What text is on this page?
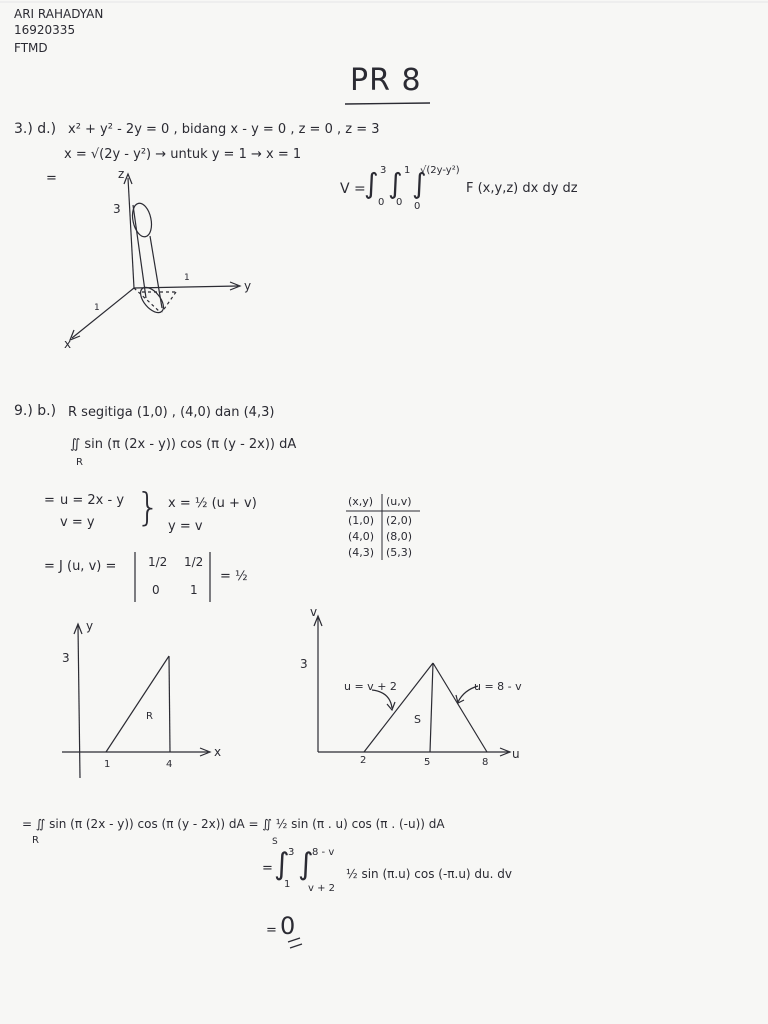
ARI RAHADYAN
16920335
FTMD
PR 8
3.) d.) x² + y² - 2y = 0 , bidang x - y = 0 , z = 0 , z = 3
x = √(2y - y²) → untuk y = 1 → x = 1
=
V =
∫ 3
0
∫ 1
0
∫
√(2y-y²)
0
F (x,y,z) dx dy dz
z
y
x
3
1
1
9.) b.) R segitiga (1,0) , (4,0) dan (4,3)
∬ sin (π (2x - y)) cos (π (y - 2x)) dA
R
= u = 2x - y
v = y } x = ½ (u + v)
y = v
= J (u, v) =	1/2 1/2
0	1
= ½
(x,y) (u,v)
(1,0) (2,0)
(4,0) (8,0)
(4,3) (5,3)
y
x
R
3
1	4
v
u
S
3
2	5	8
u = v + 2	u = 8 - v
= ∬ sin (π (2x - y)) cos (π (y - 2x)) dA = ∬ ½ sin (π . u) cos (π . (-u)) dA
R	S
= ∫
3
1
∫
8 - v
v + 2
½ sin (π.u) cos (-π.u) du. dv
= 0
